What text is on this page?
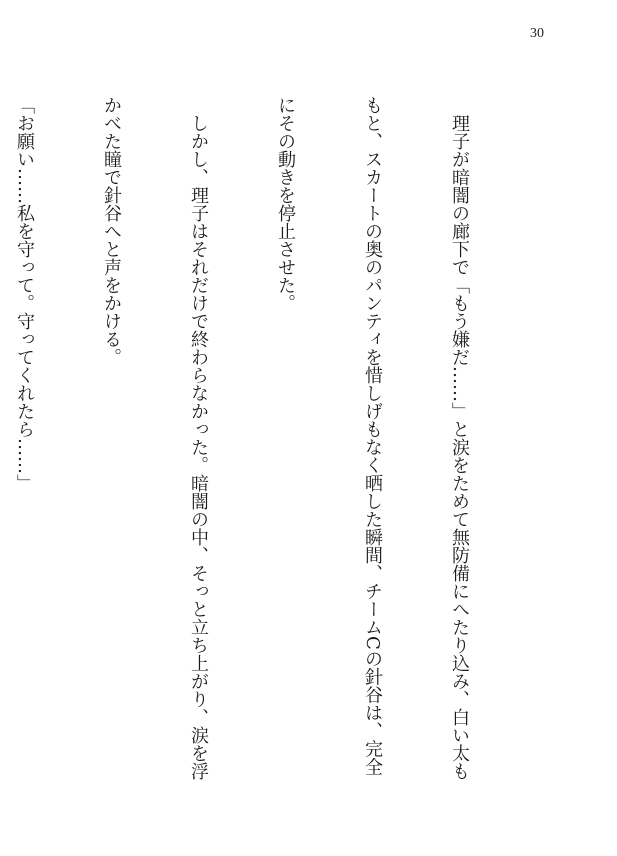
30

　理子が暗闇の廊下で「もう嫌だ……」と涙をためて無防備にへたり込み、白い太も

もと、スカートの奥のパンティを惜しげもなく晒した瞬間、チームCの針谷は、完全

にその動きを停止させた。

　しかし、理子はそれだけで終わらなかった。暗闇の中、そっと立ち上がり、涙を浮

かべた瞳で針谷へと声をかける。

「お願い……私を守って。守ってくれたら……」
